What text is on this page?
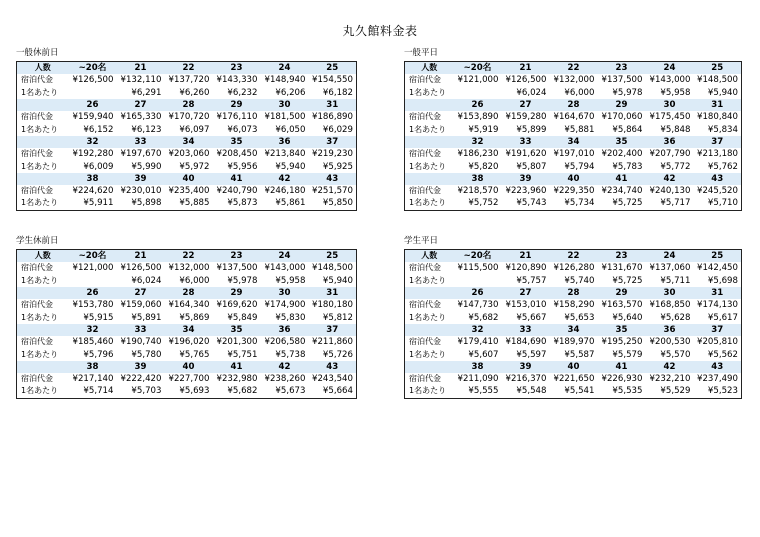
丸久館料金表
一般休前日
人数	~20名	21	22	23	24	25
宿泊代金	¥126,500	¥132,110	¥137,720	¥143,330	¥148,940	¥154,550
1名あたり		¥6,291	¥6,260	¥6,232	¥6,206	¥6,182
	26	27	28	29	30	31
宿泊代金	¥159,940	¥165,330	¥170,720	¥176,110	¥181,500	¥186,890
1名あたり	¥6,152	¥6,123	¥6,097	¥6,073	¥6,050	¥6,029
	32	33	34	35	36	37
宿泊代金	¥192,280	¥197,670	¥203,060	¥208,450	¥213,840	¥219,230
1名あたり	¥6,009	¥5,990	¥5,972	¥5,956	¥5,940	¥5,925
	38	39	40	41	42	43
宿泊代金	¥224,620	¥230,010	¥235,400	¥240,790	¥246,180	¥251,570
1名あたり	¥5,911	¥5,898	¥5,885	¥5,873	¥5,861	¥5,850
一般平日
人数	~20名	21	22	23	24	25
宿泊代金	¥121,000	¥126,500	¥132,000	¥137,500	¥143,000	¥148,500
1名あたり		¥6,024	¥6,000	¥5,978	¥5,958	¥5,940
	26	27	28	29	30	31
宿泊代金	¥153,890	¥159,280	¥164,670	¥170,060	¥175,450	¥180,840
1名あたり	¥5,919	¥5,899	¥5,881	¥5,864	¥5,848	¥5,834
	32	33	34	35	36	37
宿泊代金	¥186,230	¥191,620	¥197,010	¥202,400	¥207,790	¥213,180
1名あたり	¥5,820	¥5,807	¥5,794	¥5,783	¥5,772	¥5,762
	38	39	40	41	42	43
宿泊代金	¥218,570	¥223,960	¥229,350	¥234,740	¥240,130	¥245,520
1名あたり	¥5,752	¥5,743	¥5,734	¥5,725	¥5,717	¥5,710
学生休前日
人数	~20名	21	22	23	24	25
宿泊代金	¥121,000	¥126,500	¥132,000	¥137,500	¥143,000	¥148,500
1名あたり		¥6,024	¥6,000	¥5,978	¥5,958	¥5,940
	26	27	28	29	30	31
宿泊代金	¥153,780	¥159,060	¥164,340	¥169,620	¥174,900	¥180,180
1名あたり	¥5,915	¥5,891	¥5,869	¥5,849	¥5,830	¥5,812
	32	33	34	35	36	37
宿泊代金	¥185,460	¥190,740	¥196,020	¥201,300	¥206,580	¥211,860
1名あたり	¥5,796	¥5,780	¥5,765	¥5,751	¥5,738	¥5,726
	38	39	40	41	42	43
宿泊代金	¥217,140	¥222,420	¥227,700	¥232,980	¥238,260	¥243,540
1名あたり	¥5,714	¥5,703	¥5,693	¥5,682	¥5,673	¥5,664
学生平日
人数	~20名	21	22	23	24	25
宿泊代金	¥115,500	¥120,890	¥126,280	¥131,670	¥137,060	¥142,450
1名あたり		¥5,757	¥5,740	¥5,725	¥5,711	¥5,698
	26	27	28	29	30	31
宿泊代金	¥147,730	¥153,010	¥158,290	¥163,570	¥168,850	¥174,130
1名あたり	¥5,682	¥5,667	¥5,653	¥5,640	¥5,628	¥5,617
	32	33	34	35	36	37
宿泊代金	¥179,410	¥184,690	¥189,970	¥195,250	¥200,530	¥205,810
1名あたり	¥5,607	¥5,597	¥5,587	¥5,579	¥5,570	¥5,562
	38	39	40	41	42	43
宿泊代金	¥211,090	¥216,370	¥221,650	¥226,930	¥232,210	¥237,490
1名あたり	¥5,555	¥5,548	¥5,541	¥5,535	¥5,529	¥5,523
